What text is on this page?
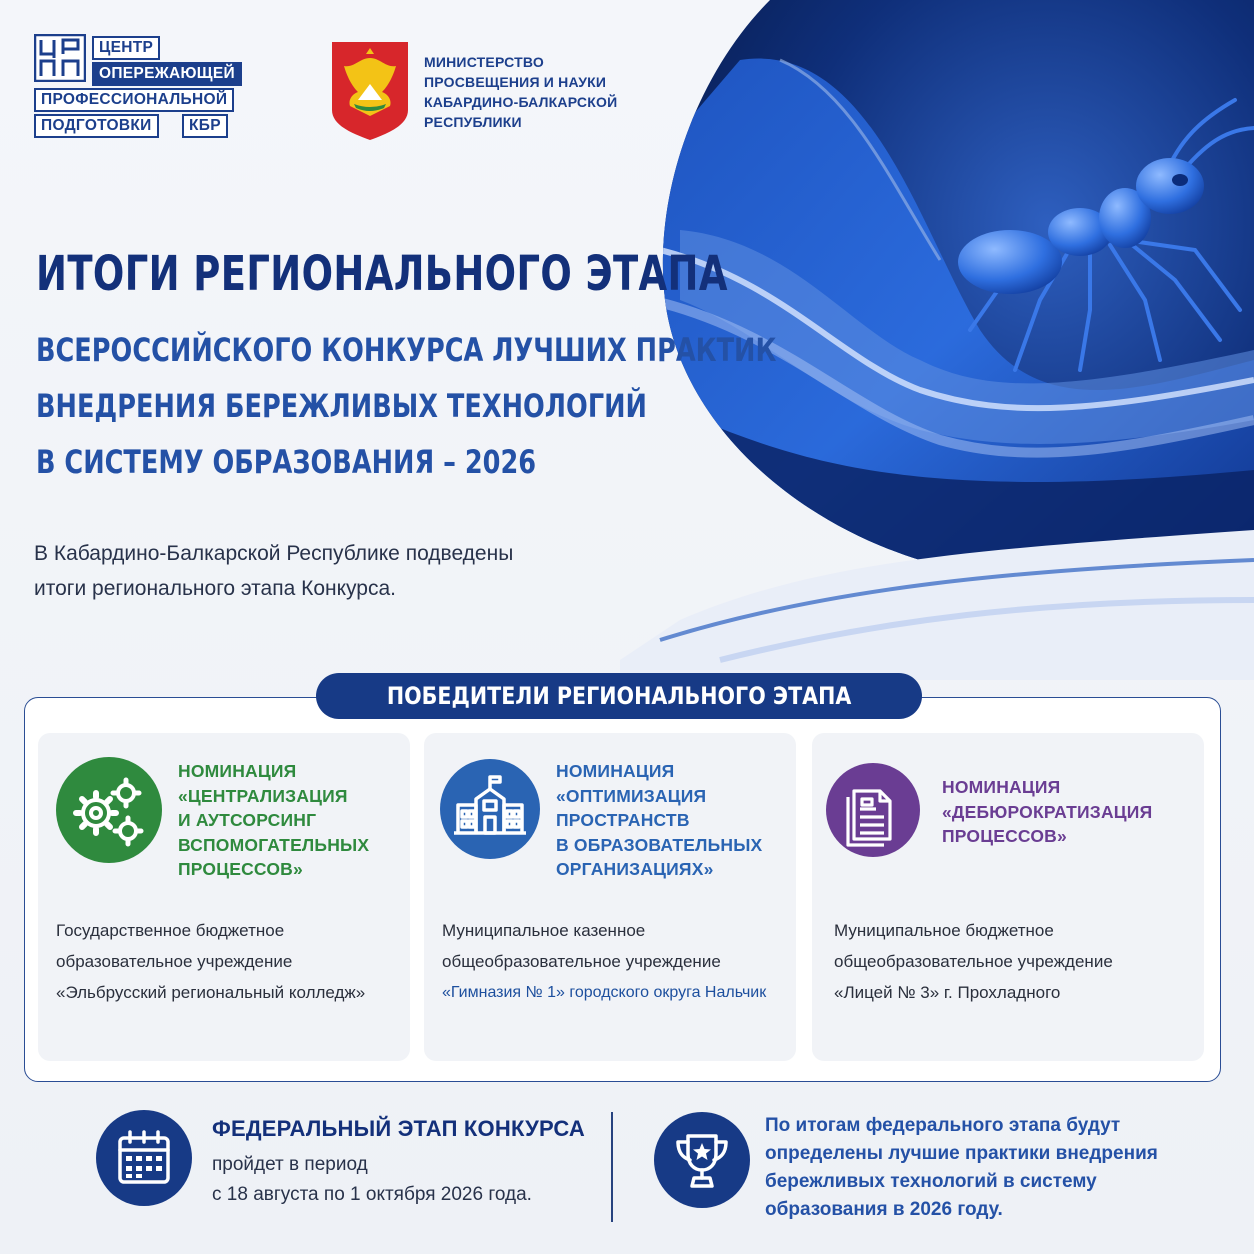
ЦЕНТР
ОПЕРЕЖАЮЩЕЙ
ПРОФЕССИОНАЛЬНОЙ
ПОДГОТОВКИ	КБР
МИНИСТЕРСТВО
ПРОСВЕЩЕНИЯ И НАУКИ
КАБАРДИНО-БАЛКАРСКОЙ
РЕСПУБЛИКИ
ИТОГИ РЕГИОНАЛЬНОГО ЭТАПА
ВСЕРОССИЙСКОГО КОНКУРСА ЛУЧШИХ ПРАКТИК
ВНЕДРЕНИЯ БЕРЕЖЛИВЫХ ТЕХНОЛОГИЙ
В СИСТЕМУ ОБРАЗОВАНИЯ – 2026
В Кабардино-Балкарской Республике подведены
итоги регионального этапа Конкурса.
ПОБЕДИТЕЛИ РЕГИОНАЛЬНОГО ЭТАПА
НОМИНАЦИЯ
«ЦЕНТРАЛИЗАЦИЯ
И АУТСОРСИНГ
ВСПОМОГАТЕЛЬНЫХ
ПРОЦЕССОВ»
Государственное бюджетное
образовательное учреждение
«Эльбрусский региональный колледж»
НОМИНАЦИЯ
«ОПТИМИЗАЦИЯ
ПРОСТРАНСТВ
В ОБРАЗОВАТЕЛЬНЫХ
ОРГАНИЗАЦИЯХ»
Муниципальное казенное
общеобразовательное учреждение
«Гимназия № 1» городского округа Нальчик
НОМИНАЦИЯ
«ДЕБЮРОКРАТИЗАЦИЯ
ПРОЦЕССОВ»
Муниципальное бюджетное
общеобразовательное учреждение
«Лицей № 3» г. Прохладного
ФЕДЕРАЛЬНЫЙ ЭТАП КОНКУРСА
пройдет в период
с 18 августа по 1 октября 2026 года.
По итогам федерального этапа будут
определены лучшие практики внедрения
бережливых технологий в систему
образования в 2026 году.
